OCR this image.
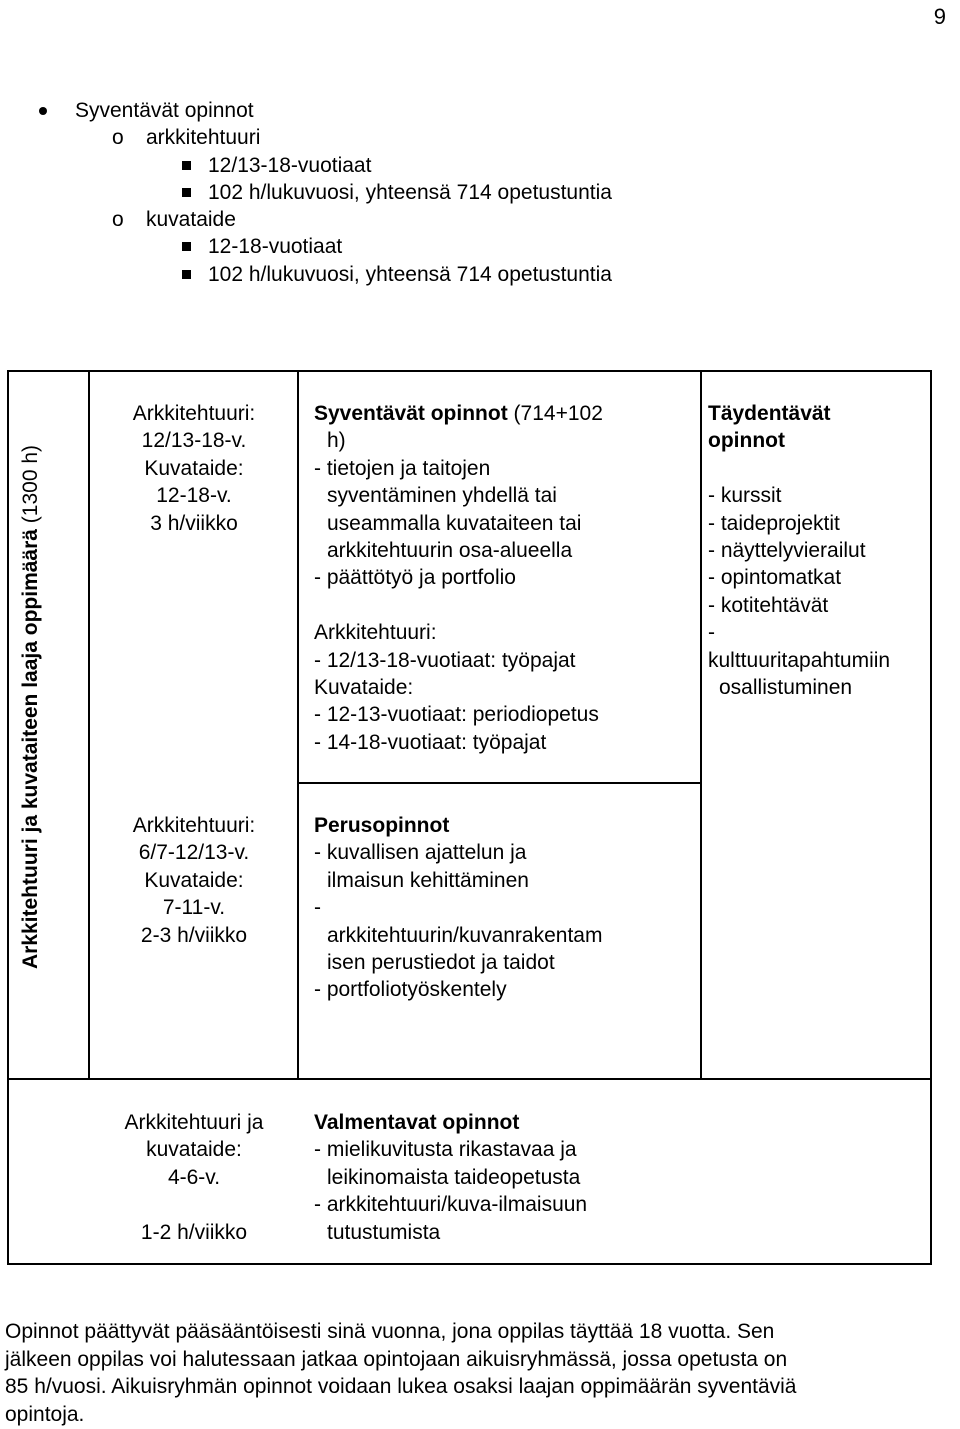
9
Syventävät opinnot
o arkkitehtuuri
12/13-18-vuotiaat
102 h/lukuvuosi, yhteensä 714 opetustuntia
o kuvataide
12-18-vuotiaat
102 h/lukuvuosi, yhteensä 714 opetustuntia
Arkkitehtuuri ja kuvataiteen laaja oppimäärä (1300 h)
Arkkitehtuuri:
12/13-18-v.
Kuvataide:
12-18-v.
3 h/viikko
Syventävät opinnot (714+102
h)
- tietojen ja taitojen
syventäminen yhdellä tai
useammalla kuvataiteen tai
arkkitehtuurin osa-alueella
- päättötyö ja portfolio
Arkkitehtuuri:
- 12/13-18-vuotiaat: työpajat
Kuvataide:
- 12-13-vuotiaat: periodiopetus
- 14-18-vuotiaat: työpajat
Täydentävät
opinnot
- kurssit
- taideprojektit
- näyttelyvierailut
- opintomatkat
- kotitehtävät
-
kulttuuritapahtumiin
osallistuminen
Arkkitehtuuri:
6/7-12/13-v.
Kuvataide:
7-11-v.
2-3 h/viikko
Perusopinnot
- kuvallisen ajattelun ja
ilmaisun kehittäminen
-
arkkitehtuurin/kuvanrakentam
isen perustiedot ja taidot
- portfoliotyöskentely
Arkkitehtuuri ja
kuvataide:
4-6-v.
1-2 h/viikko
Valmentavat opinnot
- mielikuvitusta rikastavaa ja
leikinomaista taideopetusta
- arkkitehtuuri/kuva-ilmaisuun
tutustumista
Opinnot päättyvät pääsääntöisesti sinä vuonna, jona oppilas täyttää 18 vuotta. Sen
jälkeen oppilas voi halutessaan jatkaa opintojaan aikuisryhmässä, jossa opetusta on
85 h/vuosi. Aikuisryhmän opinnot voidaan lukea osaksi laajan oppimäärän syventäviä
opintoja.
